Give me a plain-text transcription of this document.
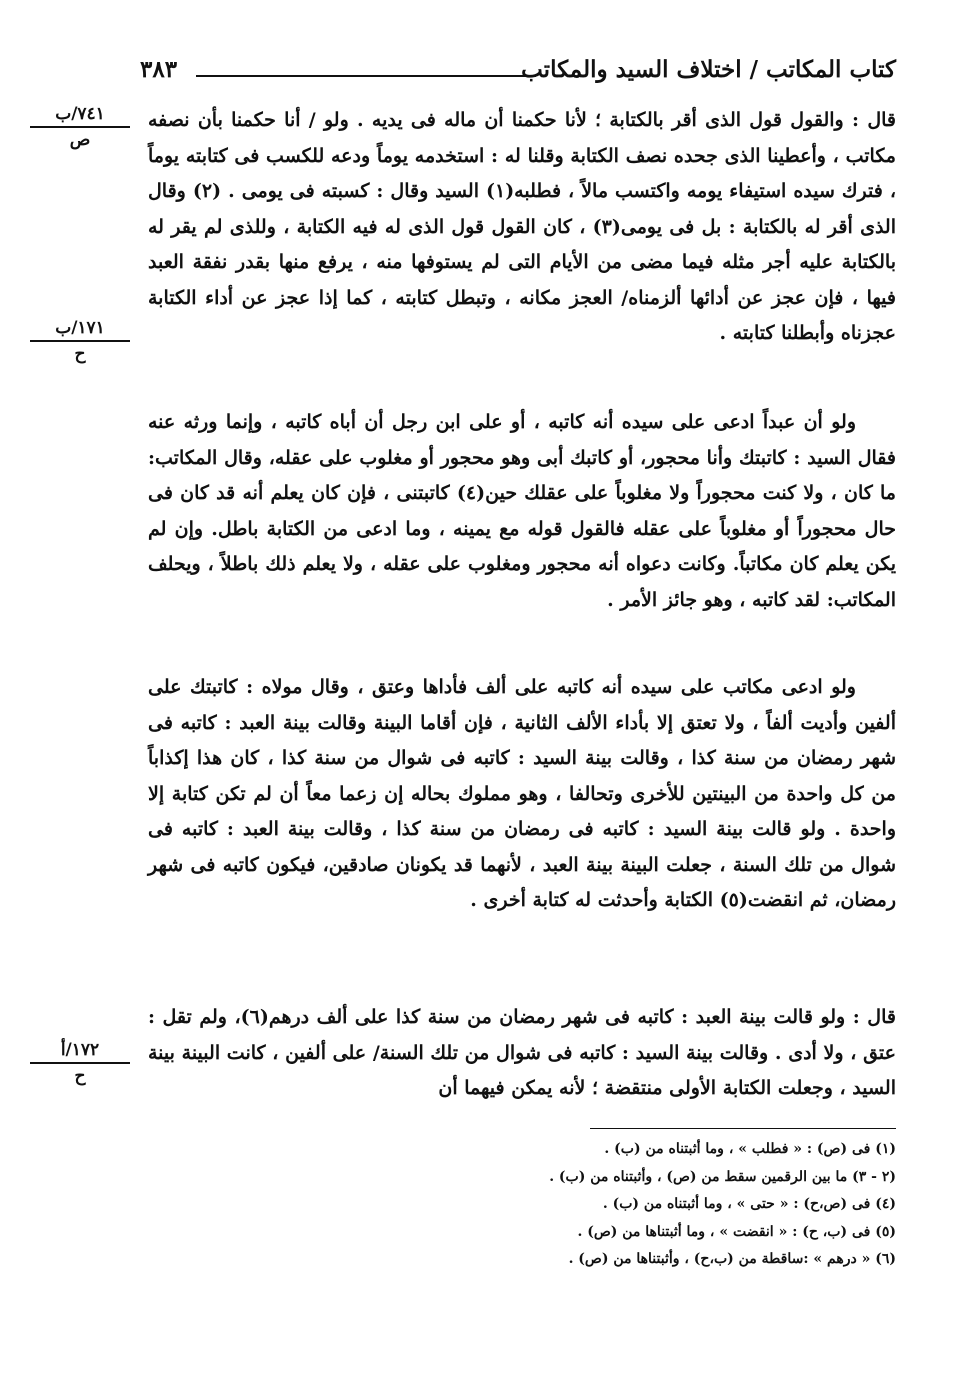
كتاب المكاتب / اختلاف السيد والمكاتب
٣٨٣
٧٤١/ب
ص
١٧١/ب
ح
١٧٢/أ
ح

قال : والقول قول الذى أقر بالكتابة ؛ لأنا حكمنا أن ماله فى يديه . ولو / أنا حكمنا بأن نصفه مكاتب ، وأعطينا الذى جحده نصف الكتابة وقلنا له : استخدمه يوماً ودعه للكسب فى كتابته يوماً ، فترك سيده استيفاء يومه واكتسب مالاً ، فطلبه(١) السيد وقال : كسبته فى يومى . (٢) وقال الذى أقر له بالكتابة : بل فى يومى(٣) ، كان القول قول الذى له فيه الكتابة ، وللذى لم يقر له بالكتابة عليه أجر مثله فيما مضى من الأيام التى لم يستوفها منه ، يرفع منها بقدر نفقة العبد فيها ، فإن عجز عن أدائها ألزمناه/ العجز مكانه ، وتبطل كتابته ، كما إذا عجز عن أداء الكتابة عجزناه وأبطلنا كتابته .

ولو أن عبداً ادعى على سيده أنه كاتبه ، أو على ابن رجل أن أباه كاتبه ، وإنما ورثه عنه فقال السيد : كاتبتك وأنا محجور، أو كاتبك أبى وهو محجور أو مغلوب على عقله، وقال المكاتب: ما كان ، ولا كنت محجوراً ولا مغلوباً على عقلك حين(٤) كاتبتنى ، فإن كان يعلم أنه قد كان فى حال محجوراً أو مغلوباً على عقله فالقول قوله مع يمينه ، وما ادعى من الكتابة باطل. وإن لم يكن يعلم كان مكاتباً. وكانت دعواه أنه محجور ومغلوب على عقله ، ولا يعلم ذلك باطلاً ، ويحلف المكاتب: لقد كاتبه ، وهو جائز الأمر .

ولو ادعى مكاتب على سيده أنه كاتبه على ألف فأداها وعتق ، وقال مولاه : كاتبتك على ألفين وأديت ألفاً ، ولا تعتق إلا بأداء الألف الثانية ، فإن أقاما البينة وقالت بينة العبد : كاتبه فى شهر رمضان من سنة كذا ، وقالت بينة السيد : كاتبه فى شوال من سنة كذا ، كان هذا إكذاباً من كل واحدة من البينتين للأخرى وتحالفا ، وهو مملوك بحاله إن زعما معاً أن لم تكن كتابة إلا واحدة . ولو قالت بينة السيد : كاتبه فى رمضان من سنة كذا ، وقالت بينة العبد : كاتبه فى شوال من تلك السنة ، جعلت البينة بينة العبد ، لأنهما قد يكونان صادقين، فيكون كاتبه فى شهر رمضان، ثم انقضت(٥) الكتابة وأحدثت له كتابة أخرى .

قال : ولو قالت بينة العبد : كاتبه فى شهر رمضان من سنة كذا على ألف درهم(٦)، ولم تقل : عتق ، ولا أدى . وقالت بينة السيد : كاتبه فى شوال من تلك السنة/ على ألفين ، كانت البينة بينة السيد ، وجعلت الكتابة الأولى منتقضة ؛ لأنه يمكن فيهما أن

(١) فى (ص) : « فطلب » ، وما أثبتناه من (ب) .
(٢ - ٣) ما بين الرقمين سقط من (ص) ، وأثبتناه من (ب) .
(٤) فى (ص،ح) : « حتى » ، وما أثبتناه من (ب) .
(٥) فى (ب، ح) : « انقضت » ، وما أثبتناها من (ص) .
(٦) « درهم » :ساقطة من (ب،ح) ، وأثبتناها من (ص) .
